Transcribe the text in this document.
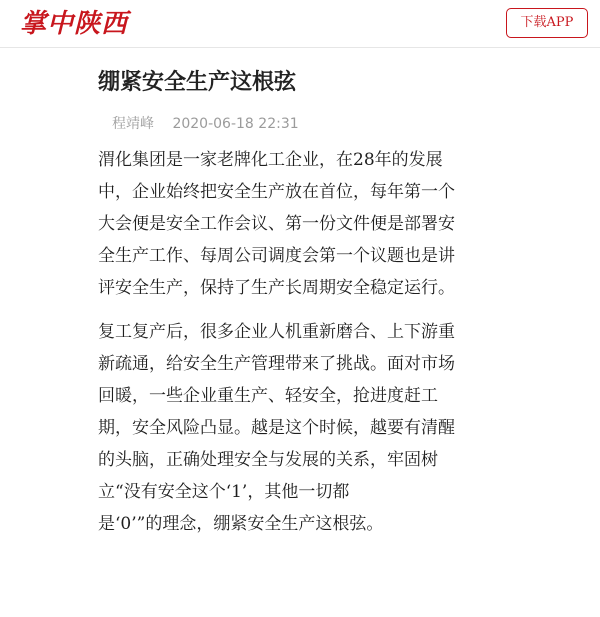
掌中陕西	下载APP
绷紧安全生产这根弦
程靖峰 2020-06-18 22:31

渭化集团是一家老牌化工企业，在28年的发展
中，企业始终把安全生产放在首位，每年第一个
大会便是安全工作会议、第一份文件便是部署安
全生产工作、每周公司调度会第一个议题也是讲
评安全生产，保持了生产长周期安全稳定运行。

复工复产后，很多企业人机重新磨合、上下游重
新疏通，给安全生产管理带来了挑战。面对市场
回暖，一些企业重生产、轻安全，抢进度赶工
期，安全风险凸显。越是这个时候，越要有清醒
的头脑，正确处理安全与发展的关系，牢固树
立“没有安全这个‘1’，其他一切都
是‘0’”的理念，绷紧安全生产这根弦。
